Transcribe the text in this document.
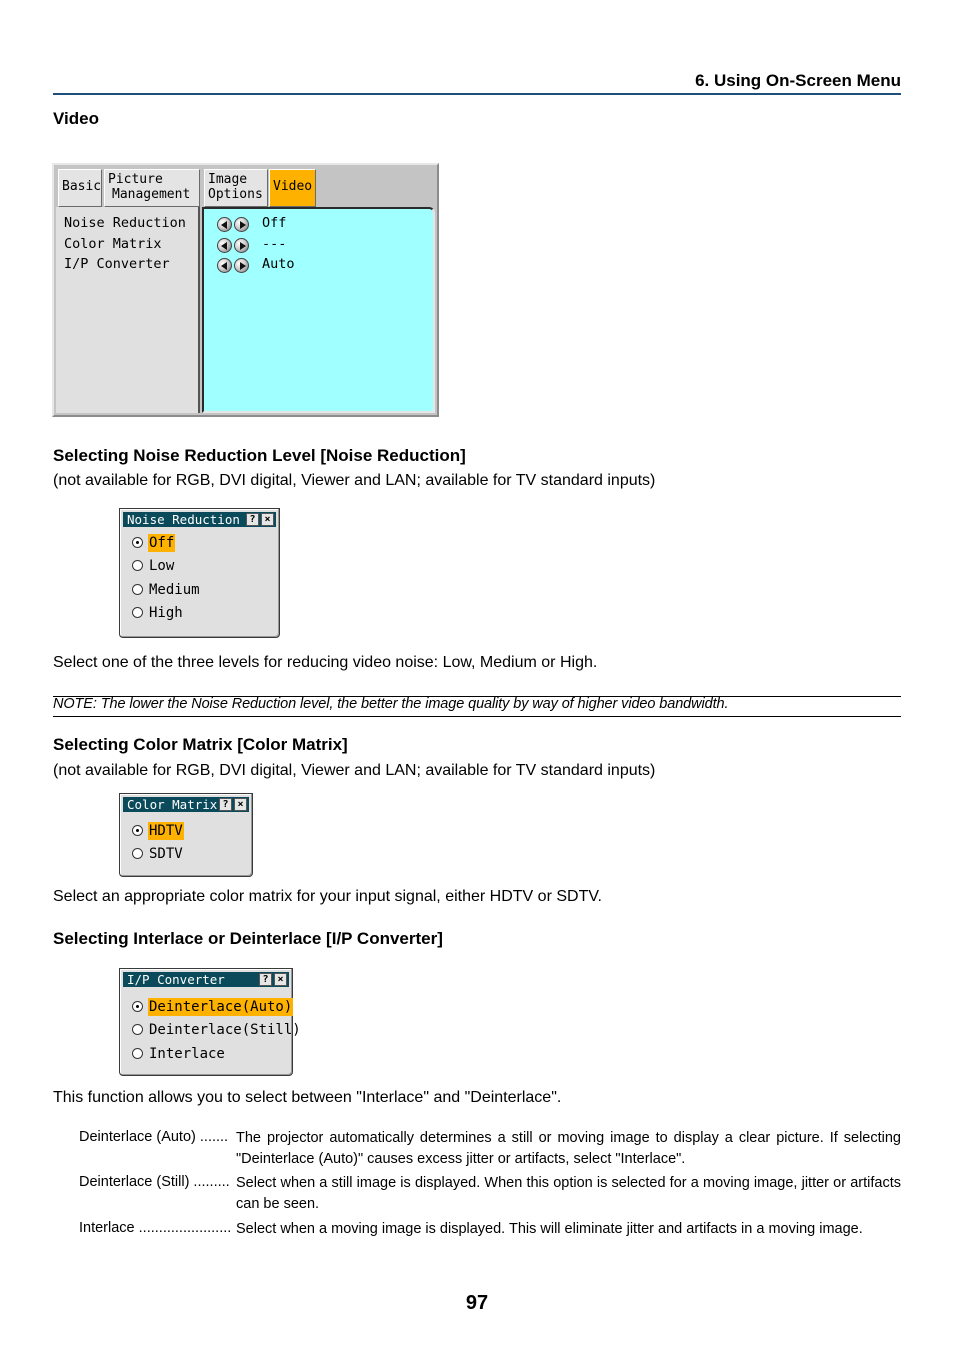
6. Using On-Screen Menu
Video
Basic Picture
Management
Image
Options
Video
Noise Reduction
Color Matrix
I/P Converter
Off
---
Auto
Selecting Noise Reduction Level [Noise Reduction]
(not available for RGB, DVI digital, Viewer and LAN; available for TV standard inputs)
Noise Reduction ? ×
Off
Low
Medium
High
Select one of the three levels for reducing video noise: Low, Medium or High.
NOTE: The lower the Noise Reduction level, the better the image quality by way of higher video bandwidth.
Selecting Color Matrix [Color Matrix]
(not available for RGB, DVI digital, Viewer and LAN; available for TV standard inputs)
Color Matrix ? ×
HDTV
SDTV
Select an appropriate color matrix for your input signal, either HDTV or SDTV.
Selecting Interlace or Deinterlace [I/P Converter]
I/P Converter	? ×
Deinterlace(Auto)
Deinterlace(Still)
Interlace
This function allows you to select between "Interlace" and "Deinterlace".
Deinterlace (Auto) ....... The projector automatically determines a still or moving image to display a clear picture. If selecting "Deinterlace (Auto)" causes excess jitter or artifacts, select "Interlace".
Deinterlace (Still) ......... Select when a still image is displayed. When this option is selected for a moving image, jitter or artifacts can be seen.
Interlace ....................... Select when a moving image is displayed. This will eliminate jitter and artifacts in a moving image.
97
